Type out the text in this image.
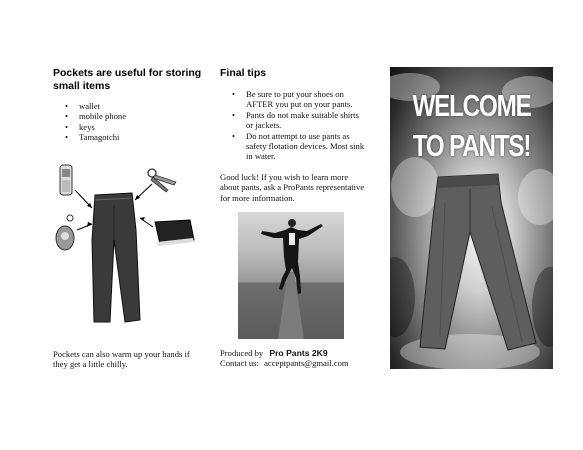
Pockets are useful for storing small items
• wallet
• mobile phone
• keys
• Tamagotchi
Pockets can also warm up your hands if they get a little chilly.
Final tips
• Be sure to put your shoes on AFTER you put on your pants.
• Pants do not make suitable shirts or jackets.
• Do not attempt to use pants as safety flotation devices. Most sink in water.
Good luck! If you wish to learn more about pants, ask a ProPants representative for more information.
Produced by Pro Pants 2K9
Contact us: acceptpants@gmail.com
WELCOME
TO PANTS!
